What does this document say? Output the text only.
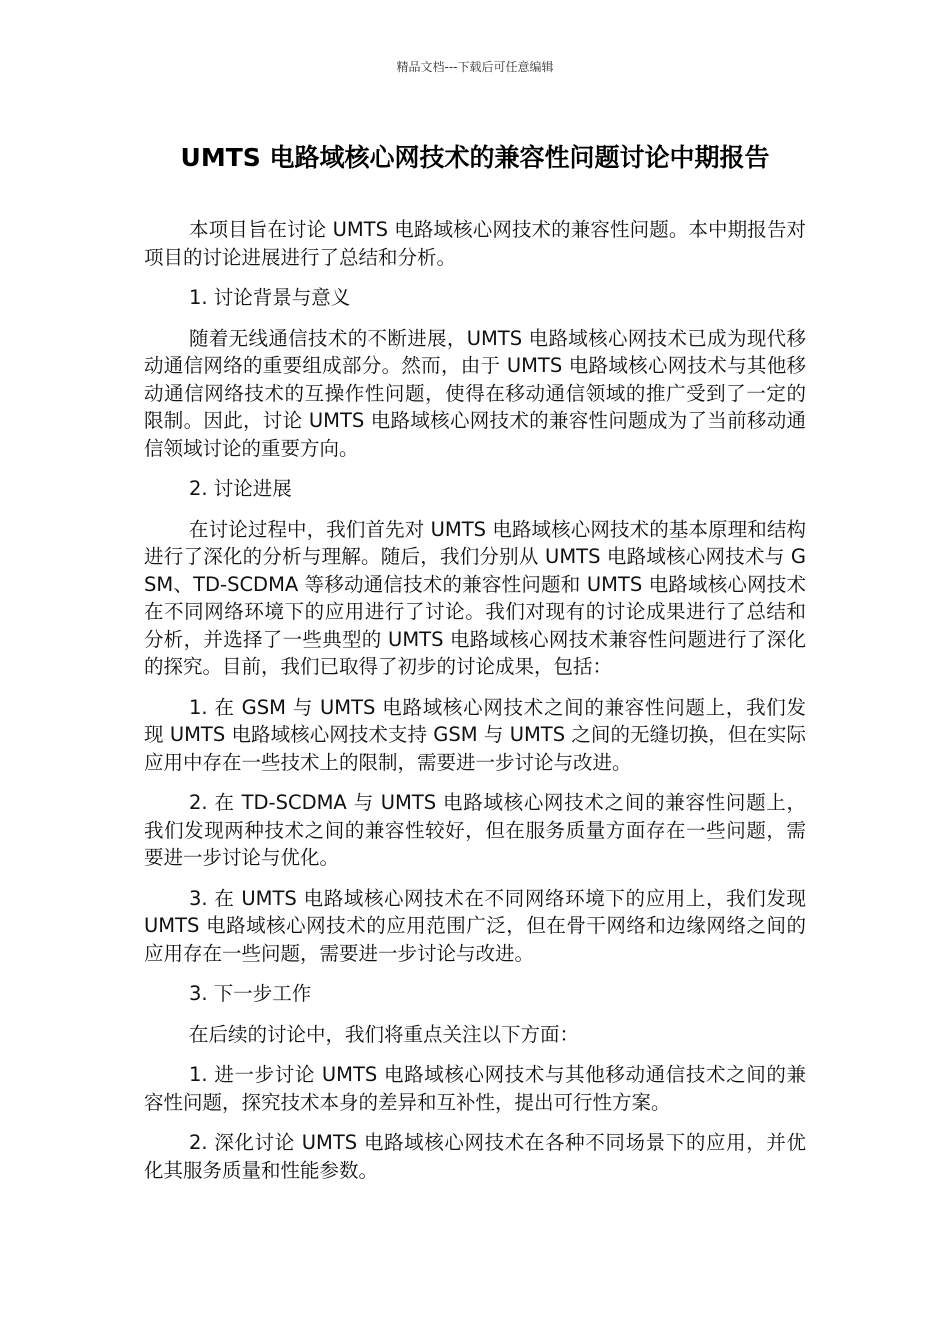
精品文档---下载后可任意编辑
UMTS 电路域核心网技术的兼容性问题讨论中期报告

本项目旨在讨论 UMTS 电路域核心网技术的兼容性问题。本中期报告对项目的讨论进展进行了总结和分析。

1. 讨论背景与意义

随着无线通信技术的不断进展，UMTS 电路域核心网技术已成为现代移动通信网络的重要组成部分。然而，由于 UMTS 电路域核心网技术与其他移动通信网络技术的互操作性问题，使得在移动通信领域的推广受到了一定的限制。因此，讨论 UMTS 电路域核心网技术的兼容性问题成为了当前移动通信领域讨论的重要方向。

2. 讨论进展

在讨论过程中，我们首先对 UMTS 电路域核心网技术的基本原理和结构进行了深化的分析与理解。随后，我们分别从 UMTS 电路域核心网技术与 GSM、TD-SCDMA 等移动通信技术的兼容性问题和 UMTS 电路域核心网技术在不同网络环境下的应用进行了讨论。我们对现有的讨论成果进行了总结和分析，并选择了一些典型的 UMTS 电路域核心网技术兼容性问题进行了深化的探究。目前，我们已取得了初步的讨论成果，包括：

1. 在 GSM 与 UMTS 电路域核心网技术之间的兼容性问题上，我们发现 UMTS 电路域核心网技术支持 GSM 与 UMTS 之间的无缝切换，但在实际应用中存在一些技术上的限制，需要进一步讨论与改进。

2. 在 TD-SCDMA 与 UMTS 电路域核心网技术之间的兼容性问题上，我们发现两种技术之间的兼容性较好，但在服务质量方面存在一些问题，需要进一步讨论与优化。

3. 在 UMTS 电路域核心网技术在不同网络环境下的应用上，我们发现 UMTS 电路域核心网技术的应用范围广泛，但在骨干网络和边缘网络之间的应用存在一些问题，需要进一步讨论与改进。

3. 下一步工作

在后续的讨论中，我们将重点关注以下方面：

1. 进一步讨论 UMTS 电路域核心网技术与其他移动通信技术之间的兼容性问题，探究技术本身的差异和互补性，提出可行性方案。

2. 深化讨论 UMTS 电路域核心网技术在各种不同场景下的应用，并优化其服务质量和性能参数。
